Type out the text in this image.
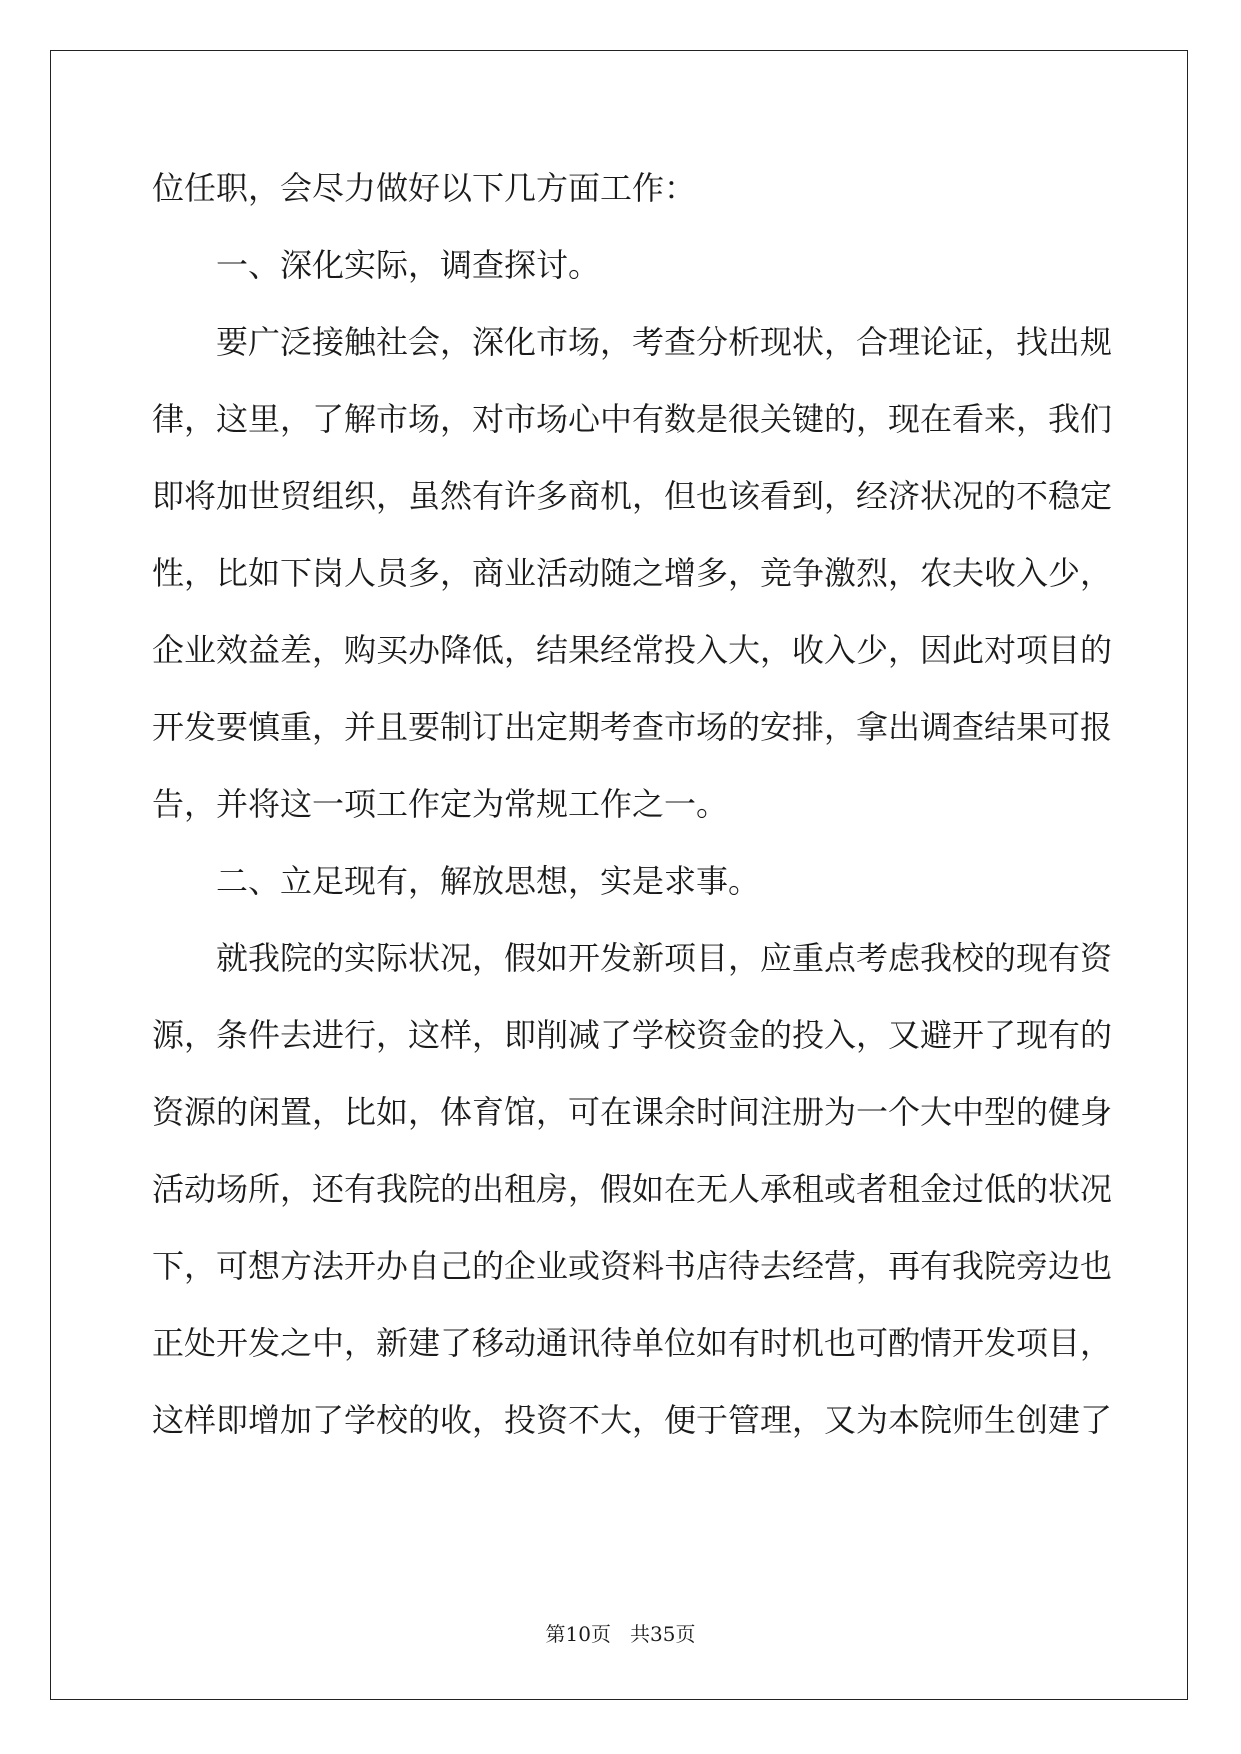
位任职，会尽力做好以下几方面工作：
一、深化实际，调查探讨。
要广泛接触社会，深化市场，考查分析现状，合理论证，找出规
律，这里，了解市场，对市场心中有数是很关键的，现在看来，我们
即将加世贸组织，虽然有许多商机，但也该看到，经济状况的不稳定
性，比如下岗人员多，商业活动随之增多，竞争激烈，农夫收入少，
企业效益差，购买办降低，结果经常投入大，收入少，因此对项目的
开发要慎重，并且要制订出定期考查市场的安排，拿出调查结果可报
告，并将这一项工作定为常规工作之一。
二、立足现有，解放思想，实是求事。
就我院的实际状况，假如开发新项目，应重点考虑我校的现有资
源，条件去进行，这样，即削减了学校资金的投入，又避开了现有的
资源的闲置，比如，体育馆，可在课余时间注册为一个大中型的健身
活动场所，还有我院的出租房，假如在无人承租或者租金过低的状况
下，可想方法开办自己的企业或资料书店待去经营，再有我院旁边也
正处开发之中，新建了移动通讯待单位如有时机也可酌情开发项目，
这样即增加了学校的收，投资不大，便于管理，又为本院师生创建了
第10页   共35页
